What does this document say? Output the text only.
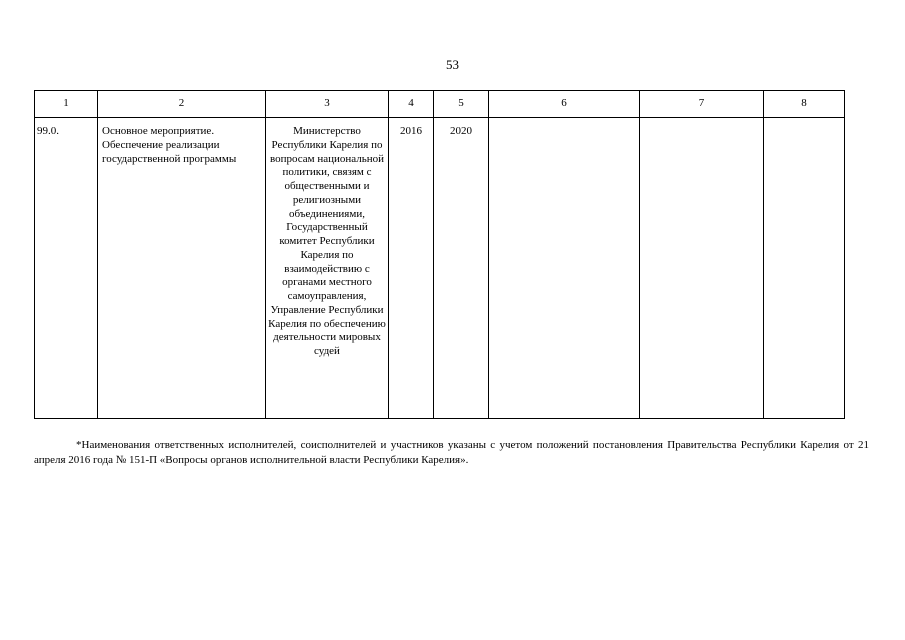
53
1	2	3	4	5	6	7	8
99.0.	Основное мероприятие. Обеспечение реализации государственной программы	Министерство Республики Карелия по вопросам национальной политики, связям с общественными и религиозными объединениями, Государственный комитет Республики Карелия по взаимодействию с органами местного самоуправления, Управление Республики Карелия по обеспечению деятельности мировых судей	2016	2020			

*Наименования ответственных исполнителей, соисполнителей и участников указаны с учетом положений постановления Правительства Республики Карелия от 21 апреля 2016 года № 151-П «Вопросы органов исполнительной власти Республики Карелия».
